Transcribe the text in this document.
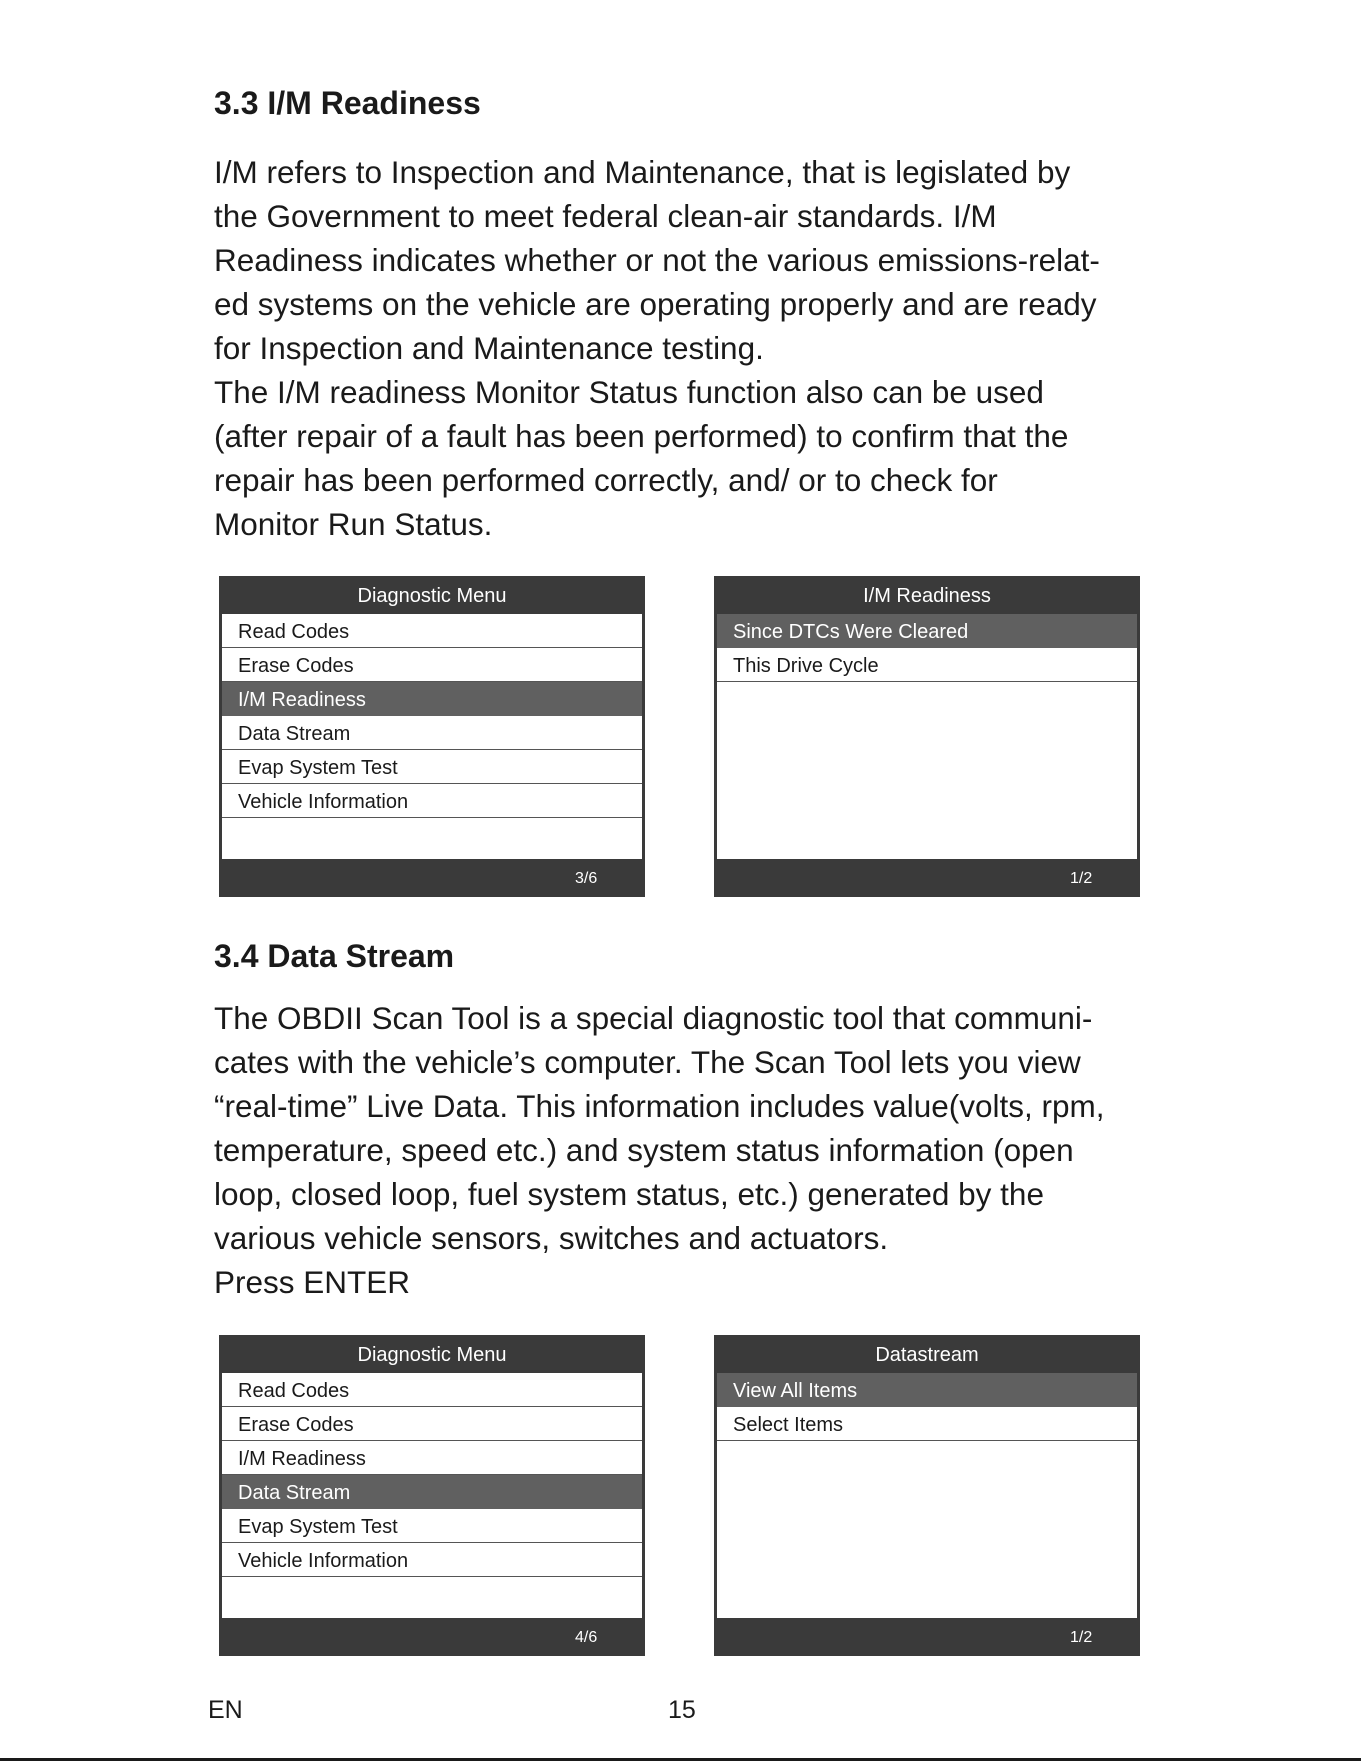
3.3 I/M Readiness
I/M refers to Inspection and Maintenance, that is legislated by
the Government to meet federal clean-air standards. I/M
Readiness indicates whether or not the various emissions-relat-
ed systems on the vehicle are operating properly and are ready
for Inspection and Maintenance testing.
The I/M readiness Monitor Status function also can be used
(after repair of a fault has been performed) to confirm that the
repair has been performed correctly, and/ or to check for
Monitor Run Status.
Diagnostic Menu
Read Codes
Erase Codes
I/M Readiness
Data Stream
Evap System Test
Vehicle Information
3/6
I/M Readiness
Since DTCs Were Cleared
This Drive Cycle
1/2
3.4 Data Stream
The OBDII Scan Tool is a special diagnostic tool that communi-
cates with the vehicle’s computer. The Scan Tool lets you view
“real-time” Live Data. This information includes value(volts, rpm,
temperature, speed etc.) and system status information (open
loop, closed loop, fuel system status, etc.) generated by the
various vehicle sensors, switches and actuators.
Press ENTER
Diagnostic Menu
Read Codes
Erase Codes
I/M Readiness
Data Stream
Evap System Test
Vehicle Information
4/6
Datastream
View All Items
Select Items
1/2
EN	15
